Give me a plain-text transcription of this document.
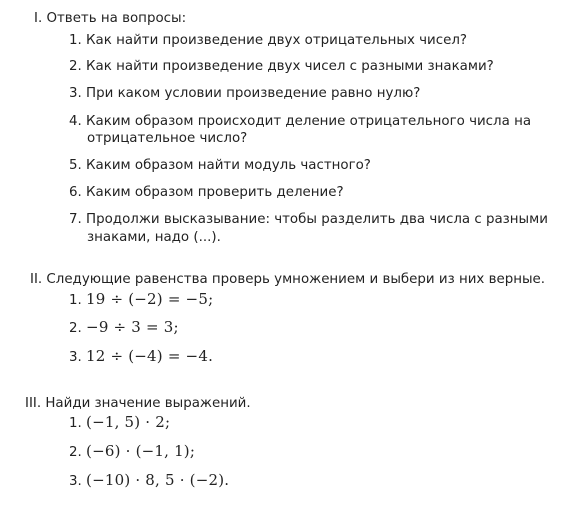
I. Ответь на вопросы:
1. Как найти произведение двух отрицательных чисел?
2. Как найти произведение двух чисел с разными знаками?
3. При каком условии произведение равно нулю?
4. Каким образом происходит деление отрицательного числа на
отрицательное число?
5. Каким образом найти модуль частного?
6. Каким образом проверить деление?
7. Продолжи высказывание: чтобы разделить два числа с разными
знаками, надо (...).
II. Следующие равенства проверь умножением и выбери из них верные.
1. 19 ÷ (−2) = −5;
2. −9 ÷ 3 = 3;
3. 12 ÷ (−4) = −4.
III. Найди значение выражений.
1. (−1, 5) · 2;
2. (−6) · (−1, 1);
3. (−10) · 8, 5 · (−2).
